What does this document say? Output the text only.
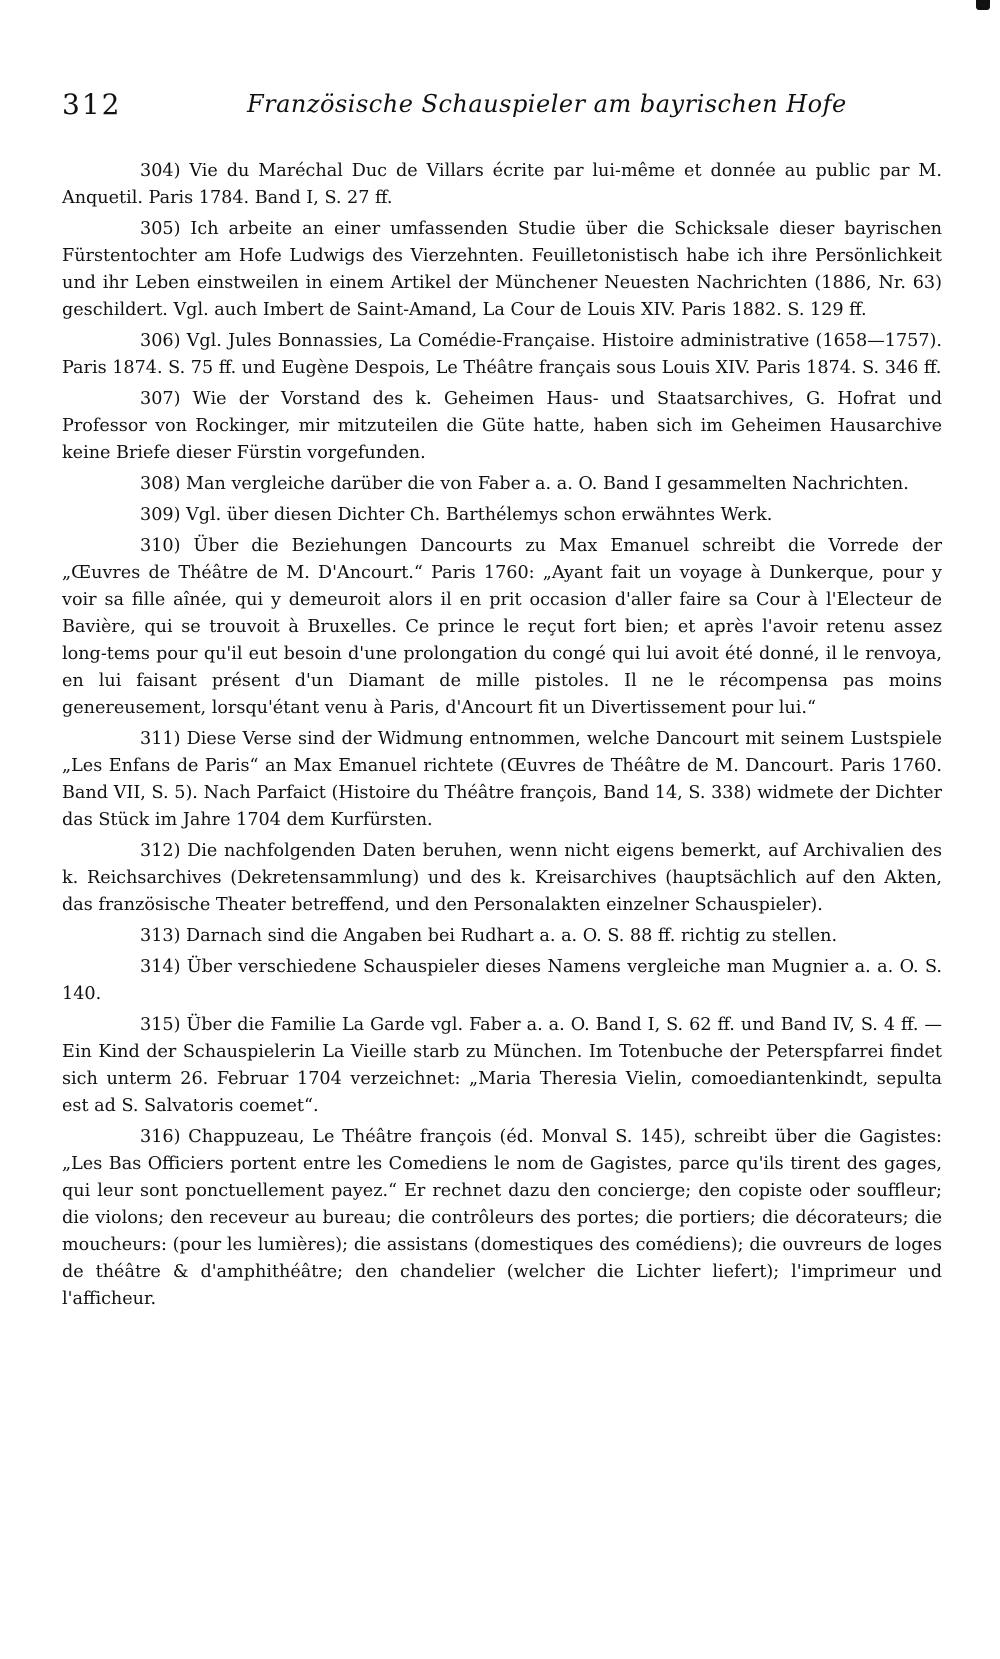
312	Französische Schauspieler am bayrischen Hofe

304) Vie du Maréchal Duc de Villars écrite par lui-même et donnée au public par M. Anquetil. Paris 1784. Band I, S. 27 ff.

305) Ich arbeite an einer umfassenden Studie über die Schicksale dieser bayrischen Fürstentochter am Hofe Ludwigs des Vierzehnten. Feuilletonistisch habe ich ihre Persönlichkeit und ihr Leben einstweilen in einem Artikel der Münchener Neuesten Nachrichten (1886, Nr. 63) geschildert. Vgl. auch Imbert de Saint-Amand, La Cour de Louis XIV. Paris 1882. S. 129 ff.

306) Vgl. Jules Bonnassies, La Comédie-Française. Histoire administrative (1658—1757). Paris 1874. S. 75 ff. und Eugène Despois, Le Théâtre français sous Louis XIV. Paris 1874. S. 346 ff.

307) Wie der Vorstand des k. Geheimen Haus- und Staatsarchives, G. Hofrat und Professor von Rockinger, mir mitzuteilen die Güte hatte, haben sich im Geheimen Hausarchive keine Briefe dieser Fürstin vorgefunden.

308) Man vergleiche darüber die von Faber a. a. O. Band I gesammelten Nachrichten.

309) Vgl. über diesen Dichter Ch. Barthélemys schon erwähntes Werk.

310) Über die Beziehungen Dancourts zu Max Emanuel schreibt die Vorrede der „Œuvres de Théâtre de M. D'Ancourt.“ Paris 1760: „Ayant fait un voyage à Dunkerque, pour y voir sa fille aînée, qui y demeuroit alors il en prit occasion d'aller faire sa Cour à l'Electeur de Bavière, qui se trouvoit à Bruxelles. Ce prince le reçut fort bien; et après l'avoir retenu assez long-tems pour qu'il eut besoin d'une prolongation du congé qui lui avoit été donné, il le renvoya, en lui faisant présent d'un Diamant de mille pistoles. Il ne le récompensa pas moins genereusement, lorsqu'étant venu à Paris, d'Ancourt fit un Divertissement pour lui.“

311) Diese Verse sind der Widmung entnommen, welche Dancourt mit seinem Lustspiele „Les Enfans de Paris“ an Max Emanuel richtete (Œuvres de Théâtre de M. Dancourt. Paris 1760. Band VII, S. 5). Nach Parfaict (Histoire du Théâtre françois, Band 14, S. 338) widmete der Dichter das Stück im Jahre 1704 dem Kurfürsten.

312) Die nachfolgenden Daten beruhen, wenn nicht eigens bemerkt, auf Archivalien des k. Reichsarchives (Dekretensammlung) und des k. Kreisarchives (hauptsächlich auf den Akten, das französische Theater betreffend, und den Personalakten einzelner Schauspieler).

313) Darnach sind die Angaben bei Rudhart a. a. O. S. 88 ff. richtig zu stellen.

314) Über verschiedene Schauspieler dieses Namens vergleiche man Mugnier a. a. O. S. 140.

315) Über die Familie La Garde vgl. Faber a. a. O. Band I, S. 62 ff. und Band IV, S. 4 ff. — Ein Kind der Schauspielerin La Vieille starb zu München. Im Totenbuche der Peterspfarrei findet sich unterm 26. Februar 1704 verzeichnet: „Maria Theresia Vielin, comoediantenkindt, sepulta est ad S. Salvatoris coemet“.

316) Chappuzeau, Le Théâtre françois (éd. Monval S. 145), schreibt über die Gagistes: „Les Bas Officiers portent entre les Comediens le nom de Gagistes, parce qu'ils tirent des gages, qui leur sont ponctuellement payez.“ Er rechnet dazu den concierge; den copiste oder souffleur; die violons; den receveur au bureau; die contrôleurs des portes; die portiers; die décorateurs; die moucheurs: (pour les lumières); die assistans (domestiques des comédiens); die ouvreurs de loges de théâtre & d'amphithéâtre; den chandelier (welcher die Lichter liefert); l'imprimeur und l'afficheur.
